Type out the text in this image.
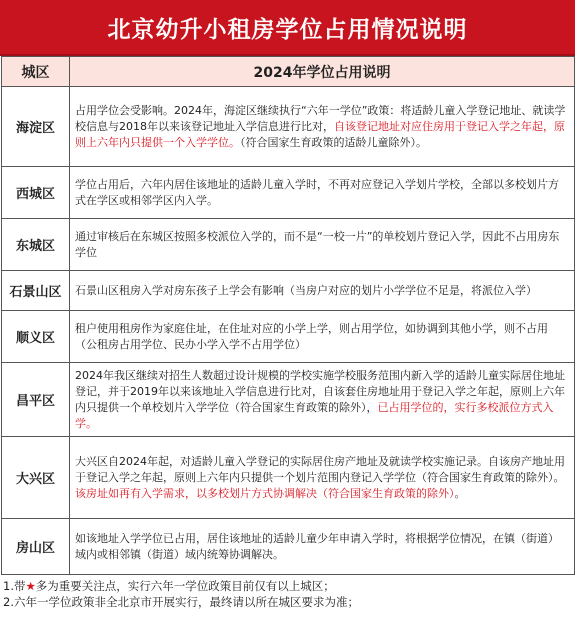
北京幼升小租房学位占用情况说明
城区	2024年学位占用说明
海淀区	占用学位会受影响。2024年，海淀区继续执行“六年一学位”政策：将适龄儿童入学登记地址、就读学校信息与2018年以来该登记地址入学信息进行比对，自该登记地址对应住房用于登记入学之年起，原则上六年内只提供一个入学学位。（符合国家生育政策的适龄儿童除外）。
西城区	学位占用后，六年内居住该地址的适龄儿童入学时，不再对应登记入学划片学校，全部以多校划片方式在学区或相邻学区内入学。
东城区	通过审核后在东城区按照多校派位入学的，而不是“一校一片”的单校划片登记入学，因此不占用房东学位
石景山区	石景山区租房入学对房东孩子上学会有影响（当房户对应的划片小学学位不足是，将派位入学）
顺义区	租户使用租房作为家庭住址，在住址对应的小学上学，则占用学位，如协调到其他小学，则不占用（公租房占用学位、民办小学入学不占用学位）
昌平区	2024年我区继续对招生人数超过设计规模的学校实施学校服务范围内新入学的适龄儿童实际居住地址登记，并于2019年以来该地址入学信息进行比对，自该套住房地址用于登记入学之年起，原则上六年内只提供一个单校划片入学学位（符合国家生育政策的除外），已占用学位的，实行多校派位方式入学。
大兴区	大兴区自2024年起，对适龄儿童入学登记的实际居住房产地址及就读学校实施记录。自该房产地址用于登记入学之年起，原则上六年内只提供一个划片范围内登记入学学位（符合国家生育政策的除外）。该房址如再有入学需求，以多校划片方式协调解决（符合国家生育政策的除外）。
房山区	如该地址入学学位已占用，居住该地址的适龄儿童少年申请入学时，将根据学位情况，在镇（街道）域内或相邻镇（街道）域内统筹协调解决。
1.带★多为重要关注点，实行六年一学位政策目前仅有以上城区；
2.六年一学位政策非全北京市开展实行，最终请以所在城区要求为准；
